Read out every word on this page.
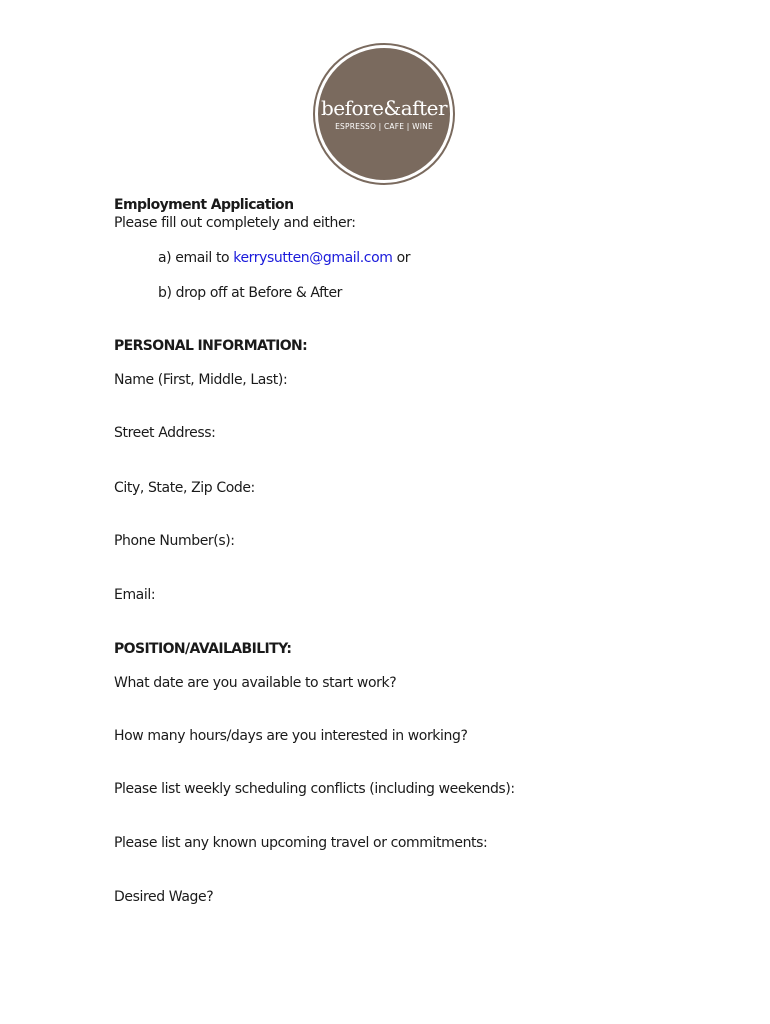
before&after
ESPRESSO | CAFE | WINE
Employment Application
Please fill out completely and either:
a) email to kerrysutten@gmail.com or
b) drop off at Before & After
PERSONAL INFORMATION:
Name (First, Middle, Last):
Street Address:
City, State, Zip Code:
Phone Number(s):
Email:
POSITION/AVAILABILITY:
What date are you available to start work?
How many hours/days are you interested in working?
Please list weekly scheduling conflicts (including weekends):
Please list any known upcoming travel or commitments:
Desired Wage?
